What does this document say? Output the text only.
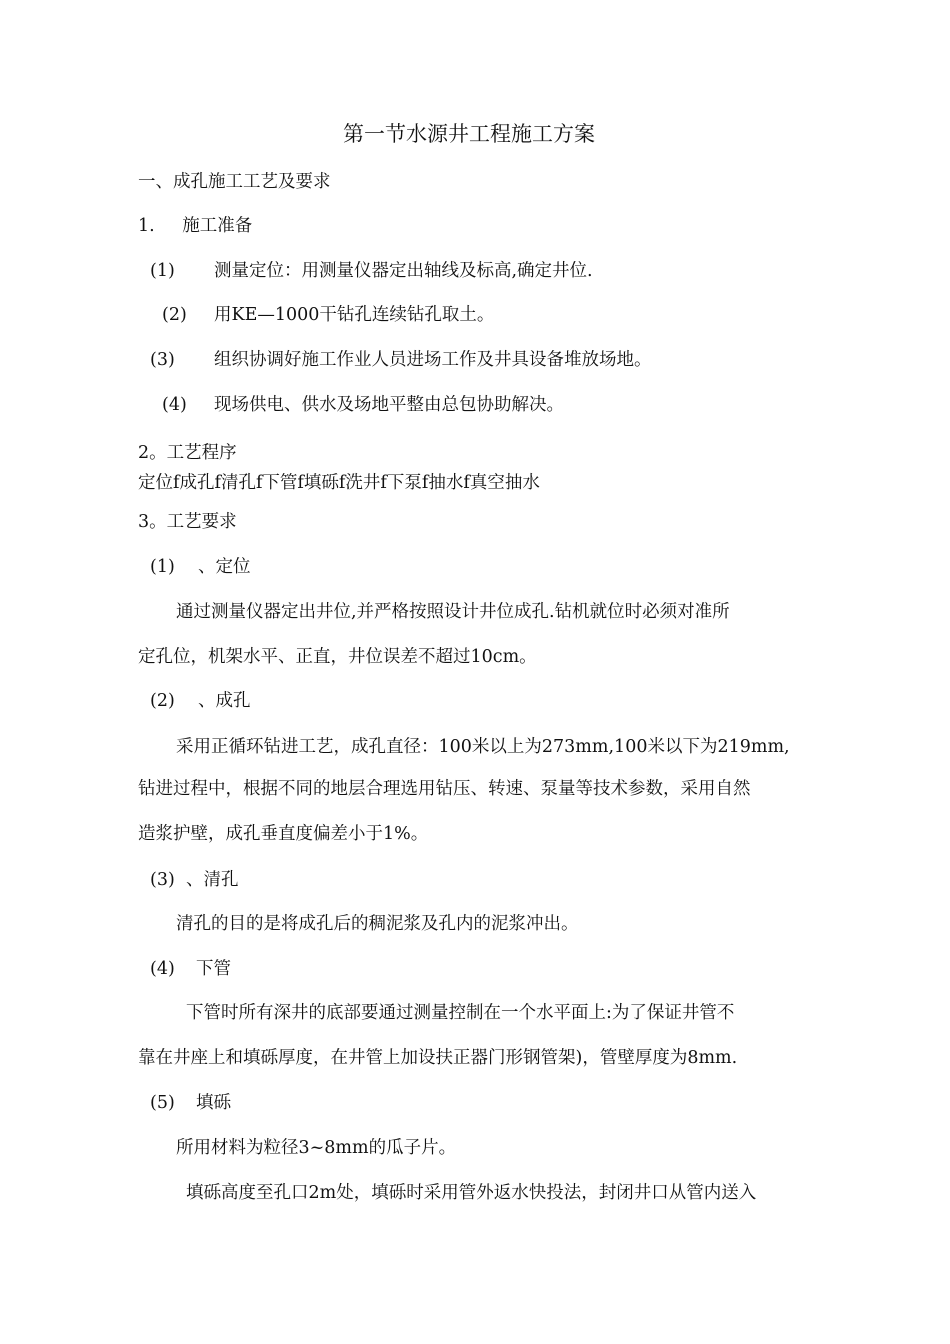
第一节水源井工程施工方案
一、成孔施工工艺及要求
1. 施工准备
(1) 测量定位：用测量仪器定出轴线及标高,确定井位.
(2) 用KE—1000干钻孔连续钻孔取土。
(3) 组织协调好施工作业人员进场工作及井具设备堆放场地。
(4) 现场供电、供水及场地平整由总包协助解决。
2。工艺程序
定位f成孔f清孔f下管f填砾f洗井f下泵f抽水f真空抽水
3。工艺要求
(1) 、定位
通过测量仪器定出井位,并严格按照设计井位成孔.钻机就位时必须对准所
定孔位，机架水平、正直，井位误差不超过10cm。
(2) 、成孔
采用正循环钻进工艺，成孔直径：100米以上为273mm,100米以下为219mm,
钻进过程中，根据不同的地层合理选用钻压、转速、泵量等技术参数，采用自然
造浆护壁，成孔垂直度偏差小于1%。
(3) 、清孔
清孔的目的是将成孔后的稠泥浆及孔内的泥浆冲出。
(4) 下管
下管时所有深井的底部要通过测量控制在一个水平面上:为了保证井管不
靠在井座上和填砾厚度，在井管上加设扶正器门形钢管架)，管壁厚度为8mm.
(5) 填砾
所用材料为粒径3~8mm的瓜子片。
填砾高度至孔口2m处，填砾时采用管外返水快投法，封闭井口从管内送入
